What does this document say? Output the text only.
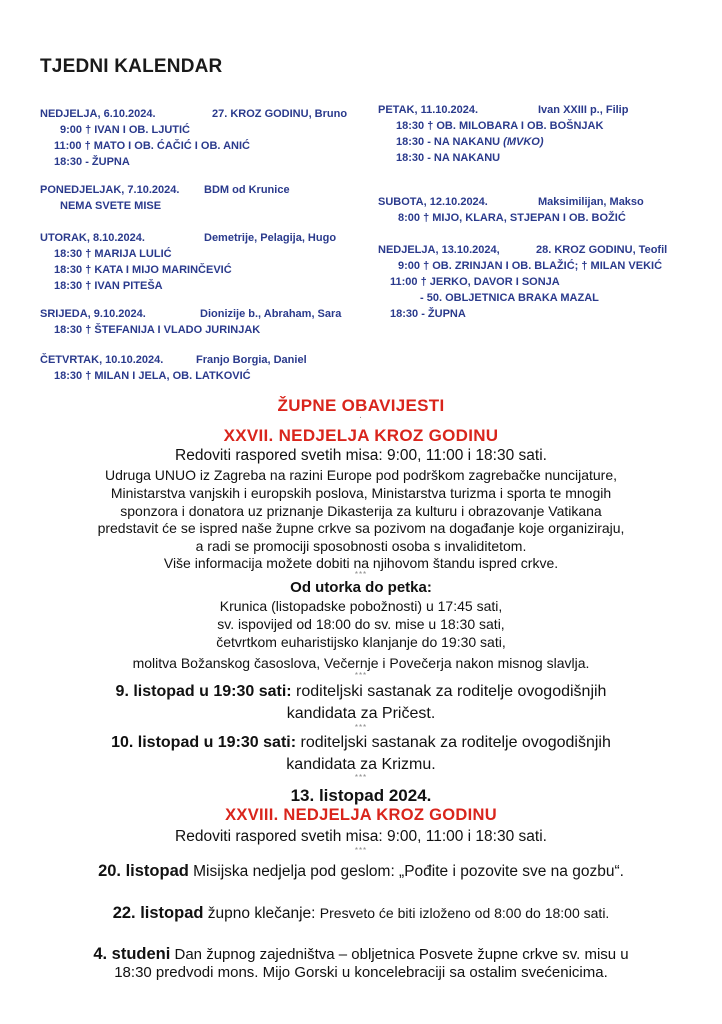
TJEDNI KALENDAR
NEDJELJA, 6.10.2024.	27. KROZ GODINU, Bruno
9:00 † IVAN I OB. LJUTIĆ
11:00 † MATO I OB. ĆAČIĆ I OB. ANIĆ
18:30 - ŽUPNA
PONEDJELJAK, 7.10.2024. BDM od Krunice
NEMA SVETE MISE
UTORAK, 8.10.2024.	Demetrije, Pelagija, Hugo
18:30 † MARIJA LULIĆ
18:30 † KATA I MIJO MARINČEVIĆ
18:30 † IVAN PITEŠA
SRIJEDA, 9.10.2024.	Dionizije b., Abraham, Sara
18:30 † ŠTEFANIJA I VLADO JURINJAK
ČETVRTAK, 10.10.2024.	Franjo Borgia, Daniel
18:30 † MILAN I JELA, OB. LATKOVIĆ
PETAK, 11.10.2024.	Ivan XXIII p., Filip
18:30 † OB. MILOBARA I OB. BOŠNJAK
18:30 - NA NAKANU (MVKO)
18:30 - NA NAKANU
SUBOTA, 12.10.2024.	Maksimilijan, Makso
8:00 † MIJO, KLARA, STJEPAN I OB. BOŽIĆ
NEDJELJA, 13.10.2024,	28. KROZ GODINU, Teofil
9:00 † OB. ZRINJAN I OB. BLAŽIĆ; † MILAN VEKIĆ
11:00 † JERKO, DAVOR I SONJA
- 50. OBLJETNICA BRAKA MAZAL
18:30 - ŽUPNA
ŽUPNE OBAVIJESTI
·
XXVII. NEDJELJA KROZ GODINU
Redoviti raspored svetih misa: 9:00, 11:00 i 18:30 sati.
Udruga UNUO iz Zagreba na razini Europe pod podrškom zagrebačke nuncijature,
Ministarstva vanjskih i europskih poslova, Ministarstva turizma i sporta te mnogih
sponzora i donatora uz priznanje Dikasterija za kulturu i obrazovanje Vatikana
predstavit će se ispred naše župne crkve sa pozivom na događanje koje organiziraju,
a radi se promociji sposobnosti osoba s invaliditetom.
Više informacija možete dobiti na njihovom štandu ispred crkve.
***
Od utorka do petka:
Krunica (listopadske pobožnosti) u 17:45 sati,
sv. ispovijed od 18:00 do sv. mise u 18:30 sati,
četvrtkom euharistijsko klanjanje do 19:30 sati,
molitva Božanskog časoslova, Večernje i Povečerja nakon misnog slavlja.
***
9. listopad u 19:30 sati: roditeljski sastanak za roditelje ovogodišnjih
kandidata za Pričest.
***
10. listopad u 19:30 sati: roditeljski sastanak za roditelje ovogodišnjih
kandidata za Krizmu.
***
13. listopad 2024.
XXVIII. NEDJELJA KROZ GODINU
Redoviti raspored svetih misa: 9:00, 11:00 i 18:30 sati.
***
20. listopad Misijska nedjelja pod geslom: „Pođite i pozovite sve na gozbu“.
22. listopad župno klečanje: Presveto će biti izloženo od 8:00 do 18:00 sati.
4. studeni Dan župnog zajedništva – obljetnica Posvete župne crkve sv. misu u
18:30 predvodi mons. Mijo Gorski u koncelebraciji sa ostalim svećenicima.
